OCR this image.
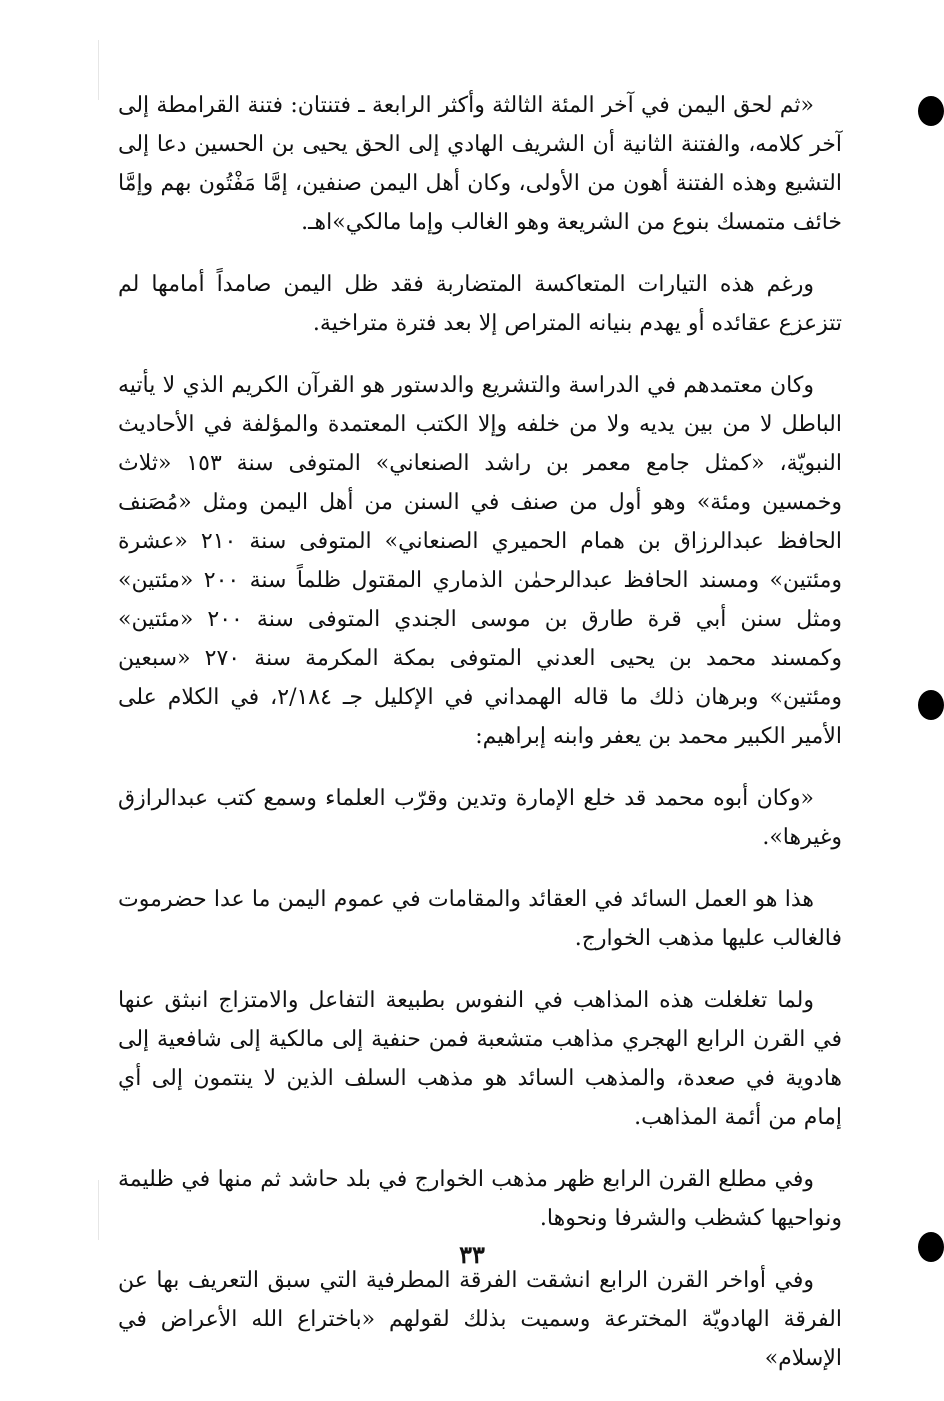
«ثم لحق اليمن في آخر المئة الثالثة وأكثر الرابعة ـ فتنتان: فتنة القرامطة إلى آخر كلامه، والفتنة الثانية أن الشريف الهادي إلى الحق يحيى بن الحسين دعا إلى التشيع وهذه الفتنة أهون من الأولى، وكان أهل اليمن صنفين، إمَّا مَفْتُون بهم وإمَّا خائف متمسك بنوع من الشريعة وهو الغالب وإما مالكي»اهـ.

ورغم هذه التيارات المتعاكسة المتضاربة فقد ظل اليمن صامداً أمامها لم تتزعزع عقائده أو يهدم بنيانه المتراص إلا بعد فترة متراخية.

وكان معتمدهم في الدراسة والتشريع والدستور هو القرآن الكريم الذي لا يأتيه الباطل لا من بين يديه ولا من خلفه وإلا الكتب المعتمدة والمؤلفة في الأحاديث النبويّة، «كمثل جامع معمر بن راشد الصنعاني» المتوفى سنة ١٥٣ «ثلاث وخمسين ومئة» وهو أول من صنف في السنن من أهل اليمن ومثل «مُصَنف الحافظ عبدالرزاق بن همام الحميري الصنعاني» المتوفى سنة ٢١٠ «عشرة ومئتين» ومسند الحافظ عبدالرحمٰن الذماري المقتول ظلماً سنة ٢٠٠ «مئتين» ومثل سنن أبي قرة طارق بن موسى الجندي المتوفى سنة ٢٠٠ «مئتين» وكمسند محمد بن يحيى العدني المتوفى بمكة المكرمة سنة ٢٧٠ «سبعين ومئتين» وبرهان ذلك ما قاله الهمداني في الإكليل جـ ٢/١٨٤، في الكلام على الأمير الكبير محمد بن يعفر وابنه إبراهيم:

«وكان أبوه محمد قد خلع الإمارة وتدين وقرّب العلماء وسمع كتب عبدالرازق وغيرها».

هذا هو العمل السائد في العقائد والمقامات في عموم اليمن ما عدا حضرموت فالغالب عليها مذهب الخوارج.

ولما تغلغلت هذه المذاهب في النفوس بطبيعة التفاعل والامتزاج انبثق عنها في القرن الرابع الهجري مذاهب متشعبة فمن حنفية إلى مالكية إلى شافعية إلى هادوية في صعدة، والمذهب السائد هو مذهب السلف الذين لا ينتمون إلى أي إمام من أئمة المذاهب.

وفي مطلع القرن الرابع ظهر مذهب الخوارج في بلد حاشد ثم منها في ظليمة ونواحيها كشظب والشرفا ونحوها.

وفي أواخر القرن الرابع انشقت الفرقة المطرفية التي سبق التعريف بها عن الفرقة الهادويّة المخترعة وسميت بذلك لقولهم «باختراع الله الأعراض في الإسلام»

٣٣
